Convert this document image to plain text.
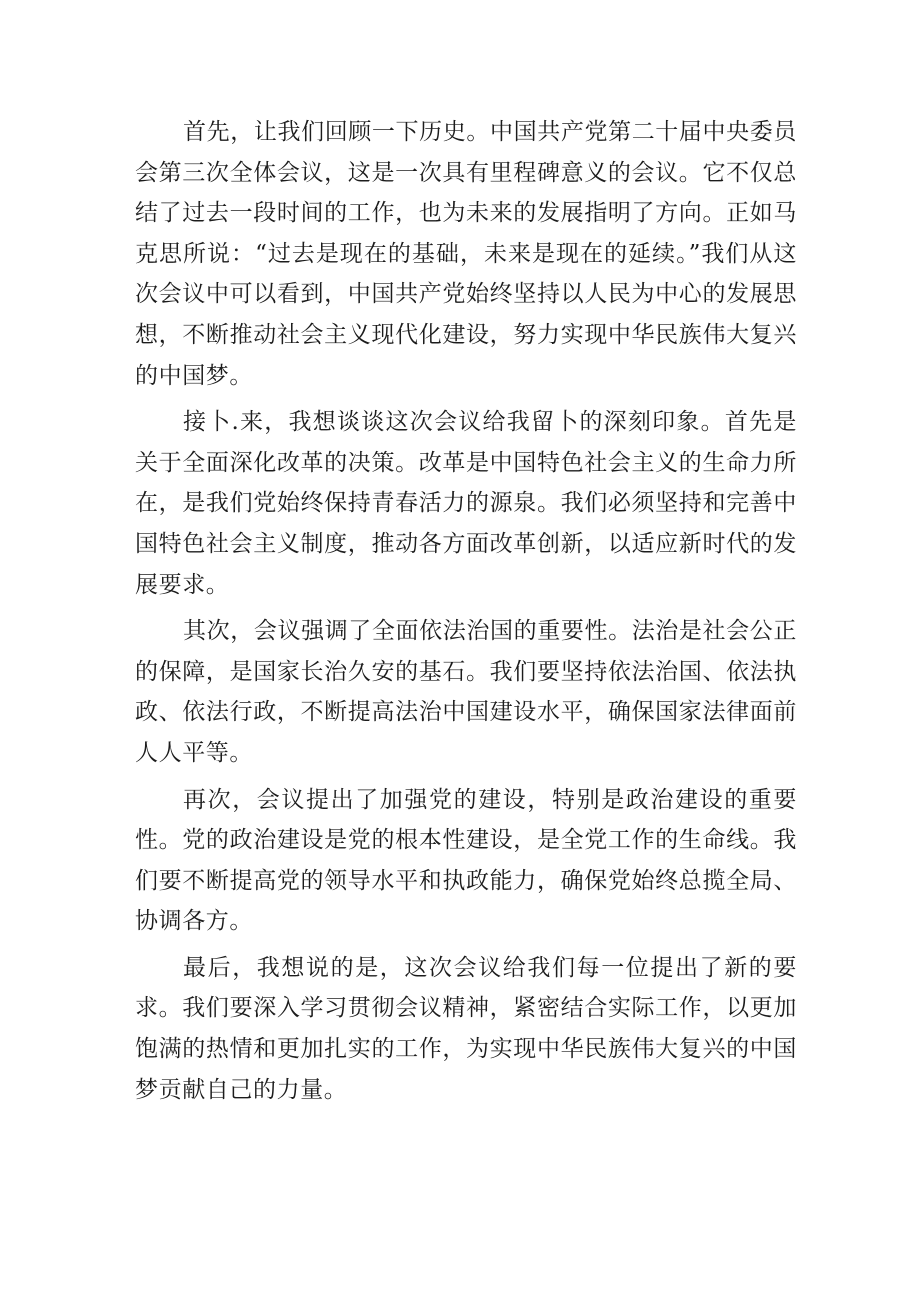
首先，让我们回顾一下历史。中国共产党第二十届中央委员会第三次全体会议，这是一次具有里程碑意义的会议。它不仅总结了过去一段时间的工作，也为未来的发展指明了方向。正如马克思所说：“过去是现在的基础，未来是现在的延续。”我们从这次会议中可以看到，中国共产党始终坚持以人民为中心的发展思想，不断推动社会主义现代化建设，努力实现中华民族伟大复兴的中国梦。

接卜.来，我想谈谈这次会议给我留卜的深刻印象。首先是关于全面深化改革的决策。改革是中国特色社会主义的生命力所在，是我们党始终保持青春活力的源泉。我们必须坚持和完善中国特色社会主义制度，推动各方面改革创新，以适应新时代的发展要求。

其次，会议强调了全面依法治国的重要性。法治是社会公正的保障，是国家长治久安的基石。我们要坚持依法治国、依法执政、依法行政，不断提高法治中国建设水平，确保国家法律面前人人平等。

再次，会议提出了加强党的建设，特别是政治建设的重要性。党的政治建设是党的根本性建设，是全党工作的生命线。我们要不断提高党的领导水平和执政能力，确保党始终总揽全局、协调各方。

最后，我想说的是，这次会议给我们每一位提出了新的要求。我们要深入学习贯彻会议精神，紧密结合实际工作，以更加饱满的热情和更加扎实的工作，为实现中华民族伟大复兴的中国梦贡献自己的力量。
